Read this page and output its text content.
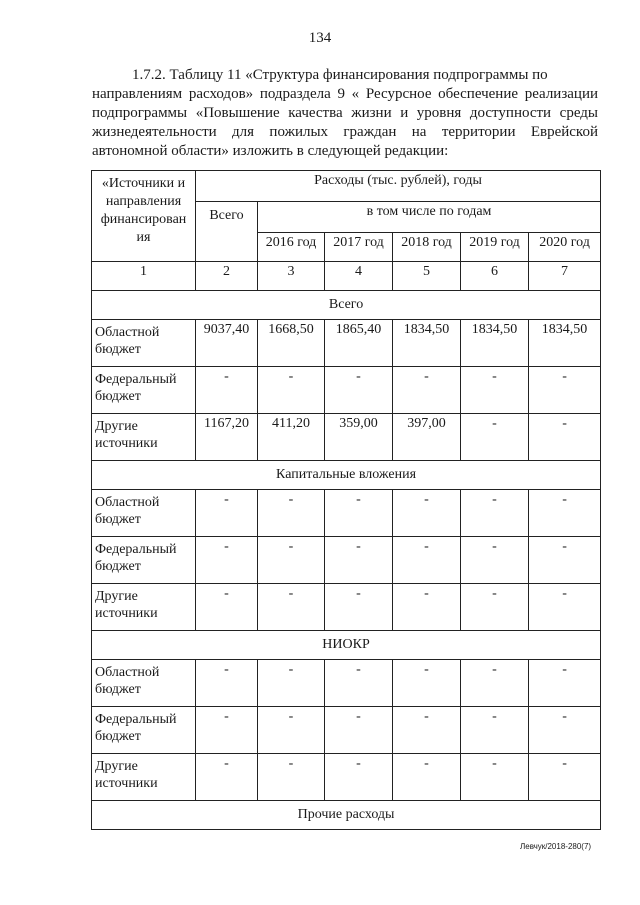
134

1.7.2. Таблицу 11 «Структура финансирования подпрограммы по

направлениям расходов» подраздела 9 « Ресурсное обеспечение реализации подпрограммы «Повышение качества жизни и уровня доступности среды жизнедеятельности для пожилых граждан на территории Еврейской автономной области» изложить в следующей редакции:

«Источники и направления финансирован ия	Расходы (тыс. рублей), годы					
	Всего	в том числе по годам				
		2016 год	2017 год	2018 год	2019 год	2020 год
1	2	3	4	5	6	7
Всего						
Областной бюджет	9037,40	1668,50	1865,40	1834,50	1834,50	1834,50
Федеральный бюджет	-	-	-	-	-	-
Другие источники	1167,20	411,20	359,00	397,00	-	-
Капитальные вложения						
Областной бюджет	-	-	-	-	-	-
Федеральный бюджет	-	-	-	-	-	-
Другие источники	-	-	-	-	-	-
НИОКР						
Областной бюджет	-	-	-	-	-	-
Федеральный бюджет	-	-	-	-	-	-
Другие источники	-	-	-	-	-	-
Прочие расходы						
Левчук/2018-280(7)
